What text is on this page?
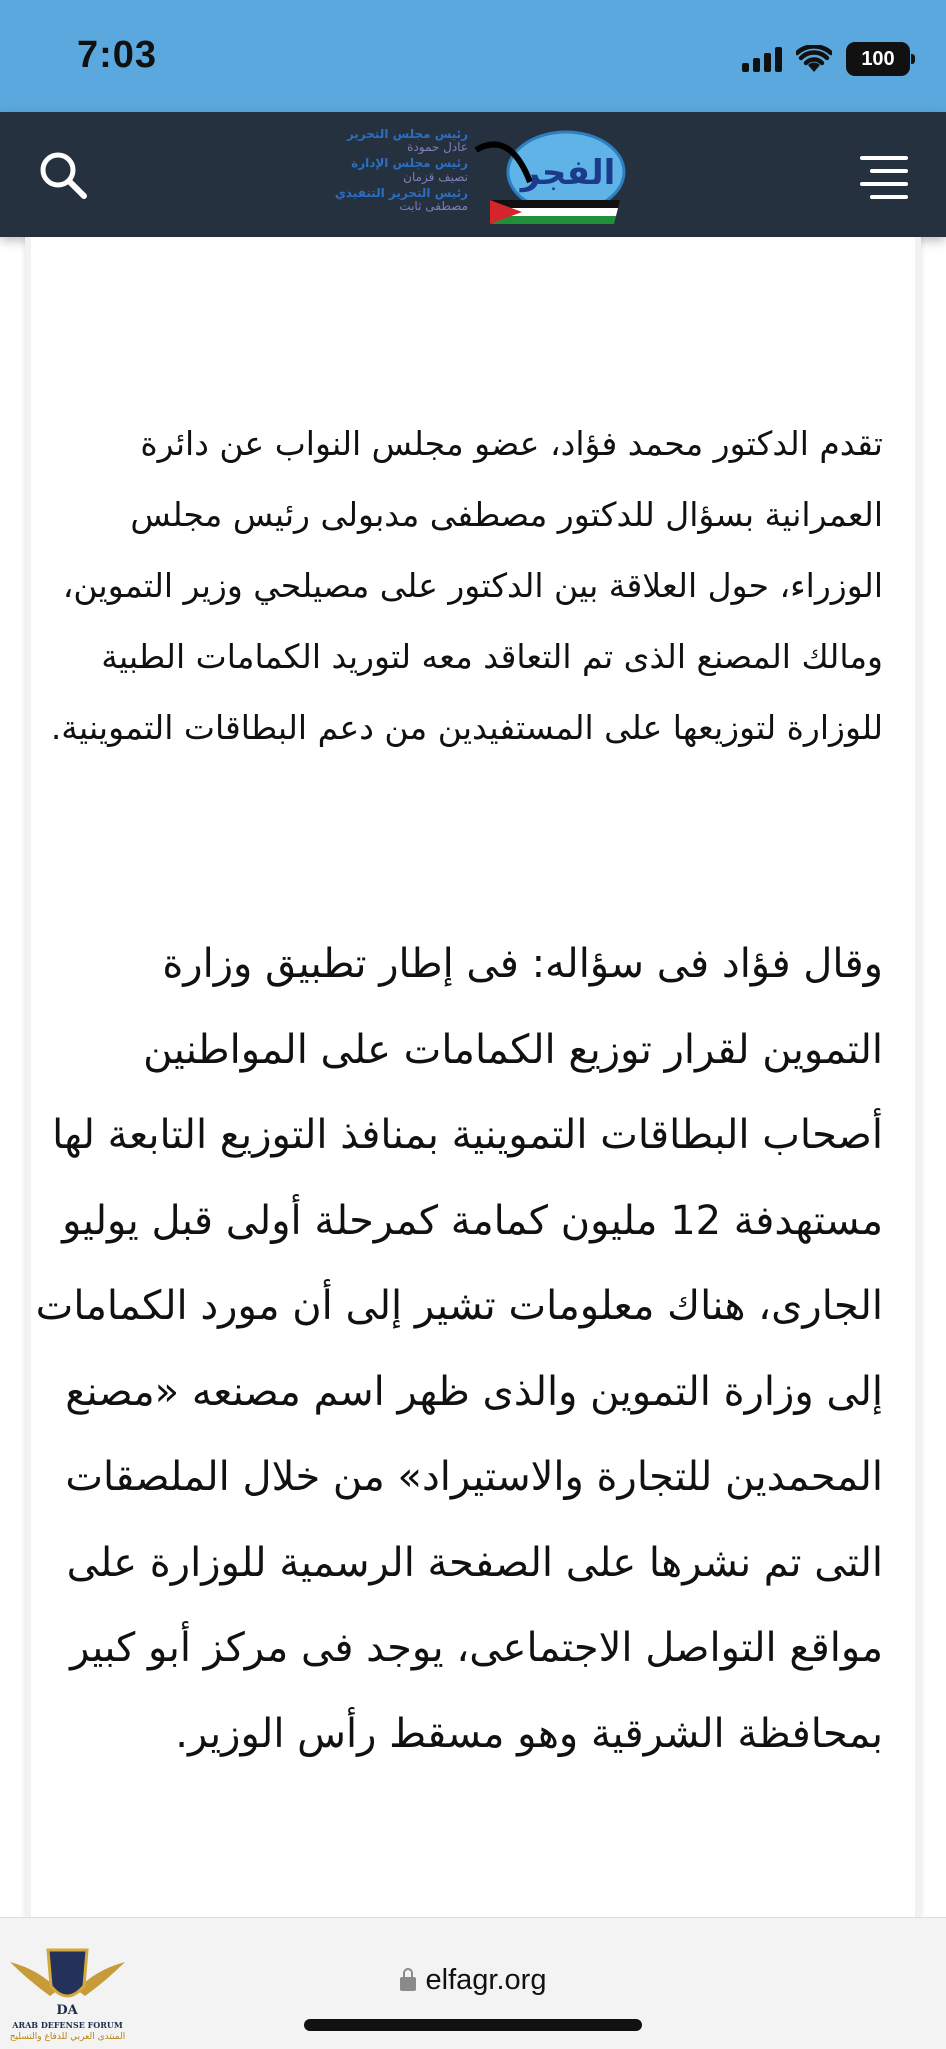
7:03	100
رئيس مجلس التحرير
عادل حمودة
رئيس مجلس الإدارة
نصيف قزمان
رئيس التحرير التنفيذي
مصطفى ثابت
الفجر

تقدم الدكتور محمد فؤاد، عضو مجلس النواب عن دائرة العمرانية بسؤال للدكتور مصطفى مدبولى رئيس مجلس الوزراء، حول العلاقة بين الدكتور على مصيلحي وزير التموين، ومالك المصنع الذى تم التعاقد معه لتوريد الكمامات الطبية للوزارة لتوزيعها على المستفيدين من دعم البطاقات التموينية.

وقال فؤاد فى سؤاله: فى إطار تطبيق وزارة التموين لقرار توزيع الكمامات على المواطنين أصحاب البطاقات التموينية بمنافذ التوزيع التابعة لها مستهدفة 12 مليون كمامة كمرحلة أولى قبل يوليو الجارى، هناك معلومات تشير إلى أن مورد الكمامات إلى وزارة التموين والذى ظهر اسم مصنعه «مصنع المحمدين للتجارة والاستيراد» من خلال الملصقات التى تم نشرها على الصفحة الرسمية للوزارة على مواقع التواصل الاجتماعى، يوجد فى مركز أبو كبير بمحافظة الشرقية وهو مسقط رأس الوزير.

elfagr.org
DA
ARAB DEFENSE FORUM
المنتدى العربي للدفاع والتسليح
